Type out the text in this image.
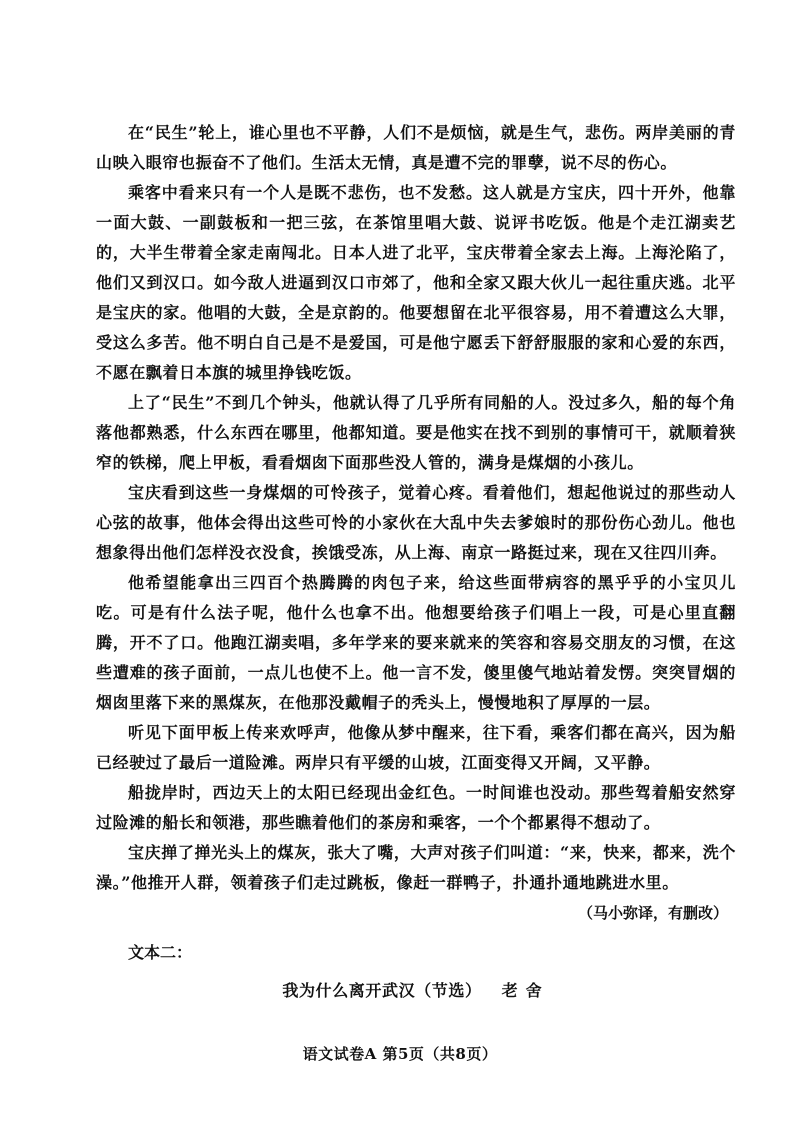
在“民生”轮上，谁心里也不平静，人们不是烦恼，就是生气，悲伤。两岸美丽的青山映入眼帘也振奋不了他们。生活太无情，真是遭不完的罪孽，说不尽的伤心。

乘客中看来只有一个人是既不悲伤，也不发愁。这人就是方宝庆，四十开外，他靠一面大鼓、一副鼓板和一把三弦，在茶馆里唱大鼓、说评书吃饭。他是个走江湖卖艺的，大半生带着全家走南闯北。日本人进了北平，宝庆带着全家去上海。上海沦陷了，他们又到汉口。如今敌人进逼到汉口市郊了，他和全家又跟大伙儿一起往重庆逃。北平是宝庆的家。他唱的大鼓，全是京韵的。他要想留在北平很容易，用不着遭这么大罪，受这么多苦。他不明白自己是不是爱国，可是他宁愿丢下舒舒服服的家和心爱的东西，不愿在飘着日本旗的城里挣钱吃饭。

上了“民生”不到几个钟头，他就认得了几乎所有同船的人。没过多久，船的每个角落他都熟悉，什么东西在哪里，他都知道。要是他实在找不到别的事情可干，就顺着狭窄的铁梯，爬上甲板，看看烟囱下面那些没人管的，满身是煤烟的小孩儿。

宝庆看到这些一身煤烟的可怜孩子，觉着心疼。看着他们，想起他说过的那些动人心弦的故事，他体会得出这些可怜的小家伙在大乱中失去爹娘时的那份伤心劲儿。他也想象得出他们怎样没衣没食，挨饿受冻，从上海、南京一路挺过来，现在又往四川奔。

他希望能拿出三四百个热腾腾的肉包子来，给这些面带病容的黑乎乎的小宝贝儿吃。可是有什么法子呢，他什么也拿不出。他想要给孩子们唱上一段，可是心里直翻腾，开不了口。他跑江湖卖唱，多年学来的要来就来的笑容和容易交朋友的习惯，在这些遭难的孩子面前，一点儿也使不上。他一言不发，傻里傻气地站着发愣。突突冒烟的烟囱里落下来的黑煤灰，在他那没戴帽子的秃头上，慢慢地积了厚厚的一层。

听见下面甲板上传来欢呼声，他像从梦中醒来，往下看，乘客们都在高兴，因为船已经驶过了最后一道险滩。两岸只有平缓的山坡，江面变得又开阔，又平静。

船拢岸时，西边天上的太阳已经现出金红色。一时间谁也没动。那些驾着船安然穿过险滩的船长和领港，那些瞧着他们的茶房和乘客，一个个都累得不想动了。

宝庆掸了掸光头上的煤灰，张大了嘴，大声对孩子们叫道：“来，快来，都来，洗个澡。”他推开人群，领着孩子们走过跳板，像赶一群鸭子，扑通扑通地跳进水里。

（马小弥译，有删改）

文本二：

我为什么离开武汉（节选） 老舍

语文试卷A 第5页（共8页）
